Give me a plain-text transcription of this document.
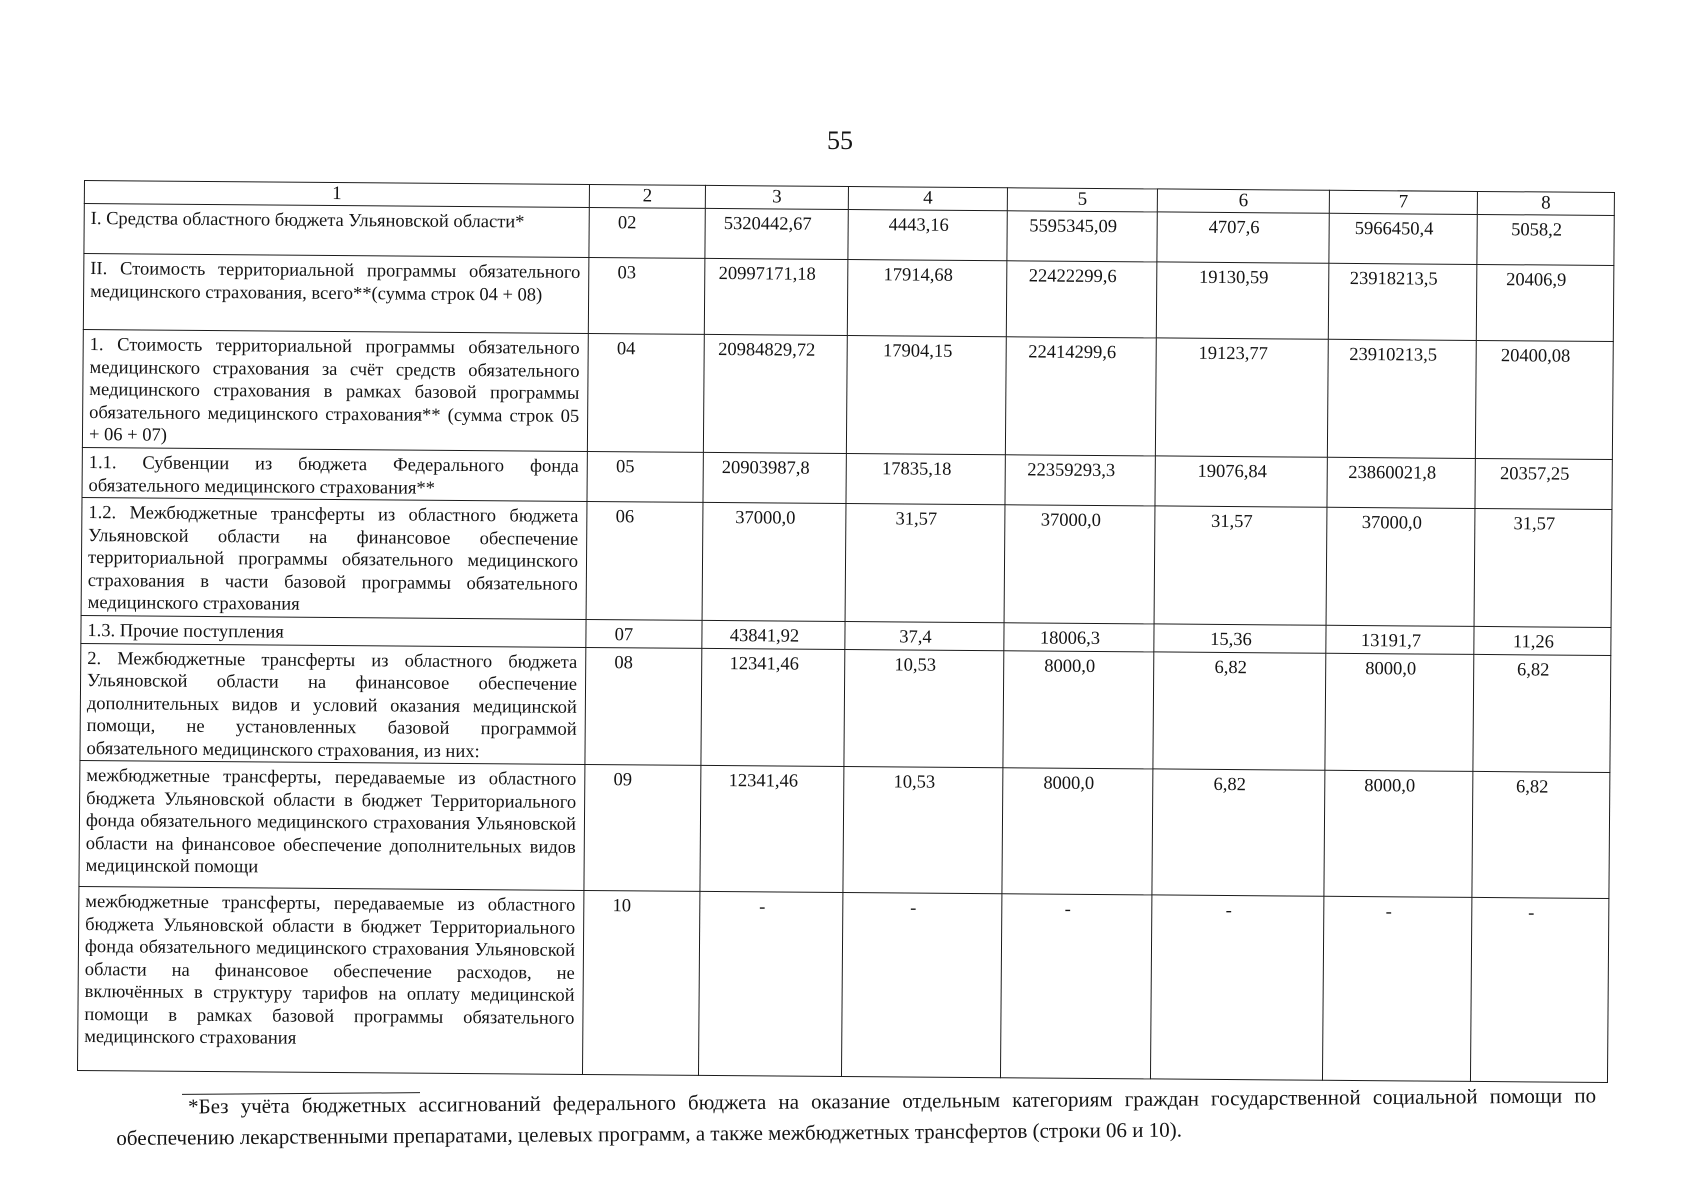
55
1	2	3	4	5	6	7	8
I. Средства областного бюджета Ульяновской области*	02	5320442,67	4443,16	5595345,09	4707,6	5966450,4	5058,2
II. Стоимость территориальной программы обязательного медицинского страхования, всего**(сумма строк 04 + 08)	03	20997171,18	17914,68	22422299,6	19130,59	23918213,5	20406,9
1. Стоимость территориальной программы обязательного медицинского страхования за счёт средств обязательного медицинского страхования в рамках базовой программы обязательного медицинского страхования** (сумма строк 05 + 06 + 07)	04	20984829,72	17904,15	22414299,6	19123,77	23910213,5	20400,08
1.1. Субвенции из бюджета Федерального фонда обязательного медицинского страхования**	05	20903987,8	17835,18	22359293,3	19076,84	23860021,8	20357,25
1.2. Межбюджетные трансферты из областного бюджета Ульяновской области на финансовое обеспечение территориальной программы обязательного медицинского страхования в части базовой программы обязательного медицинского страхования	06	37000,0	31,57	37000,0	31,57	37000,0	31,57
1.3. Прочие поступления	07	43841,92	37,4	18006,3	15,36	13191,7	11,26
2. Межбюджетные трансферты из областного бюджета Ульяновской области на финансовое обеспечение дополнительных видов и условий оказания медицинской помощи, не установленных базовой программой обязательного медицинского страхования, из них:	08	12341,46	10,53	8000,0	6,82	8000,0	6,82
межбюджетные трансферты, передаваемые из областного бюджета Ульяновской области в бюджет Территориального фонда обязательного медицинского страхования Ульяновской области на финансовое обеспечение дополнительных видов медицинской помощи	09	12341,46	10,53	8000,0	6,82	8000,0	6,82
межбюджетные трансферты, передаваемые из областного бюджета Ульяновской области в бюджет Территориального фонда обязательного медицинского страхования Ульяновской области на финансовое обеспечение расходов, не включённых в структуру тарифов на оплату медицинской помощи в рамках базовой программы обязательного медицинского страхования	10	-	-	-	-	-	-
*Без учёта бюджетных ассигнований федерального бюджета на оказание отдельным категориям граждан государственной социальной помощи по обеспечению лекарственными препаратами, целевых программ, а также межбюджетных трансфертов (строки 06 и 10).
